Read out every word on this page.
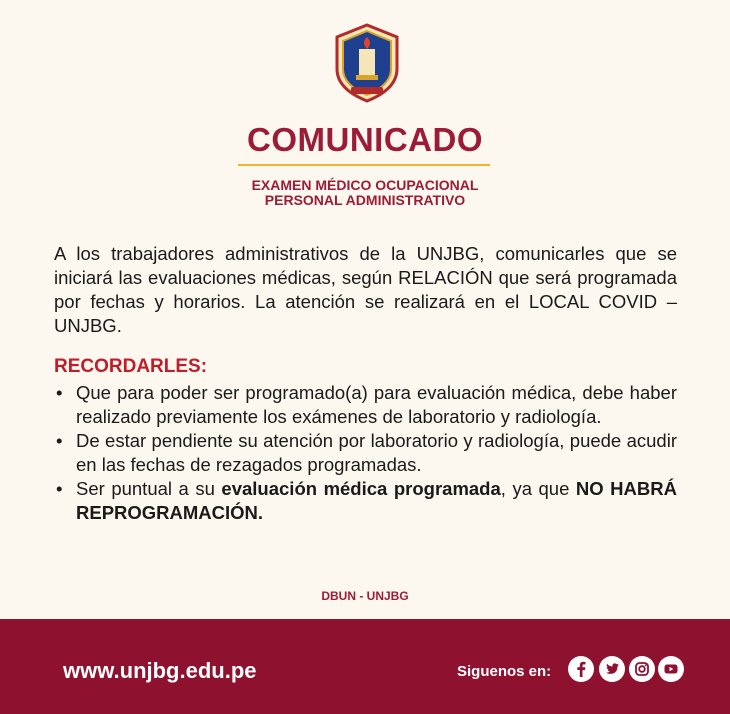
COMUNICADO
EXAMEN MÉDICO OCUPACIONAL
PERSONAL ADMINISTRATIVO
A los trabajadores administrativos de la UNJBG, comunicarles que se iniciará las evaluaciones médicas, según RELACIÓN que será programada por fechas y horarios. La atención se realizará en el LOCAL COVID – UNJBG.
RECORDARLES:
• Que para poder ser programado(a) para evaluación médica, debe haber realizado previamente los exámenes de laboratorio y radiología.
• De estar pendiente su atención por laboratorio y radiología, puede acudir en las fechas de rezagados programadas.
• Ser puntual a su evaluación médica programada, ya que NO HABRÁ REPROGRAMACIÓN.
DBUN - UNJBG
www.unjbg.edu.pe	Siguenos en:
